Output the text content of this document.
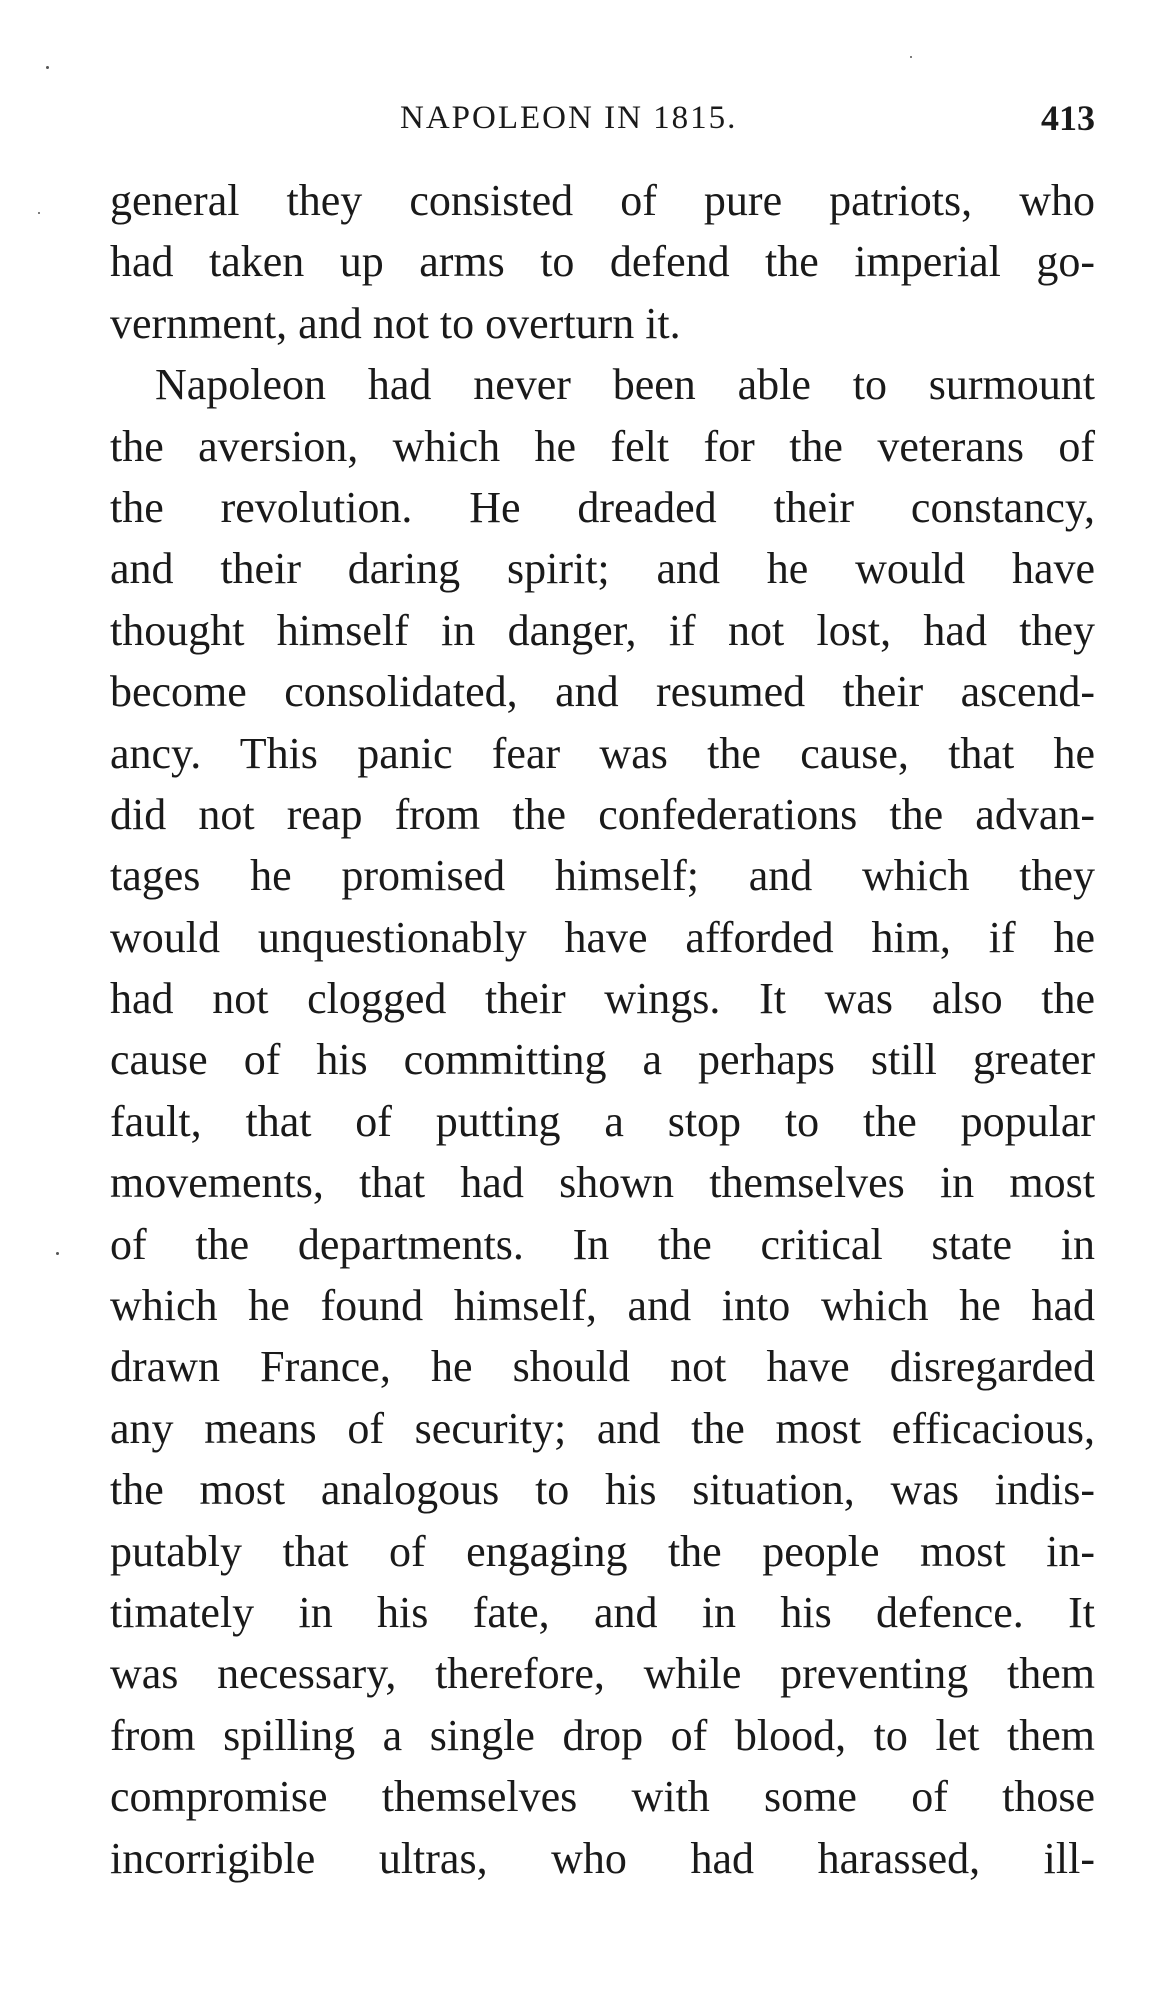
NAPOLEON IN 1815.	413
general they consisted of pure patriots, who
had taken up arms to defend the imperial go-
vernment, and not to overturn it.
Napoleon had never been able to surmount
the aversion, which he felt for the veterans of
the revolution. He dreaded their constancy,
and their daring spirit; and he would have
thought himself in danger, if not lost, had they
become consolidated, and resumed their ascend-
ancy. This panic fear was the cause, that he
did not reap from the confederations the advan-
tages he promised himself; and which they
would unquestionably have afforded him, if he
had not clogged their wings. It was also the
cause of his committing a perhaps still greater
fault, that of putting a stop to the popular
movements, that had shown themselves in most
of the departments. In the critical state in
which he found himself, and into which he had
drawn France, he should not have disregarded
any means of security; and the most efficacious,
the most analogous to his situation, was indis-
putably that of engaging the people most in-
timately in his fate, and in his defence. It
was necessary, therefore, while preventing them
from spilling a single drop of blood, to let them
compromise themselves with some of those
incorrigible ultras, who had harassed, ill-
